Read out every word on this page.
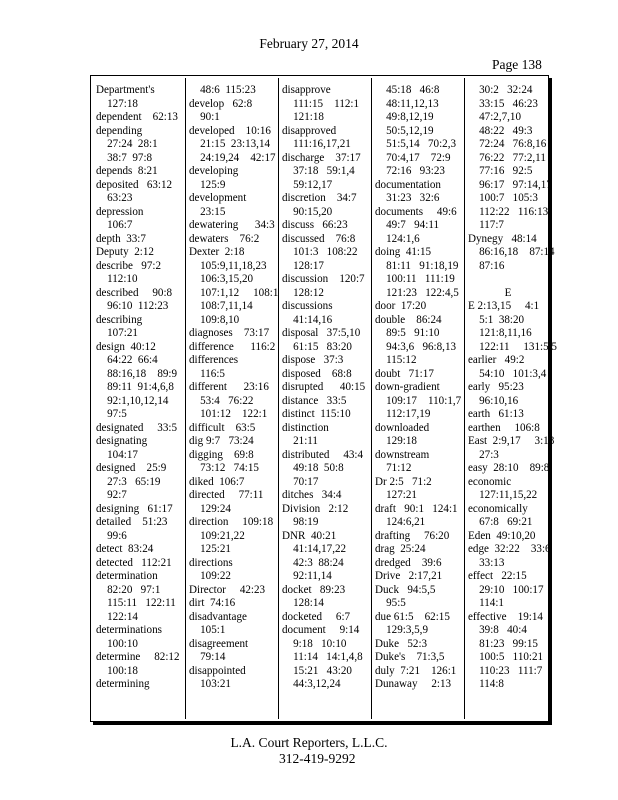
February 27, 2014
Page 138
Department's
127:18
dependent    62:13
depending
27:24  28:1
38:7  97:8
depends  8:21
deposited   63:12
63:23
depression
106:7
depth  33:7
Deputy  2:12
describe   97:2
112:10
described     90:8
96:10  112:23
describing
107:21
design  40:12
64:22  66:4
88:16,18    89:9
89:11  91:4,6,8
92:1,10,12,14
97:5
designated     33:5
designating
104:17
designed    25:9
27:3   65:19
92:7
designing   61:17
detailed    51:23
99:6
detect  83:24
detected   112:21
determination
82:20   97:1
115:11   122:11
122:14
determinations
100:10
determine     82:12
100:18
determining
48:6  115:23
develop   62:8
90:1
developed    10:16
21:15  23:13,14
24:19,24    42:17
developing
125:9
development
23:15
dewatering      34:3
dewaters    76:2
Dexter  2:18
105:9,11,18,23
106:3,15,20
107:1,12     108:1
108:7,11,14
109:8,10
diagnoses    73:17
difference      116:2
differences
116:5
different      23:16
53:4   76:22
101:12    122:1
difficult    63:5
dig 9:7   73:24
digging    69:8
73:12   74:15
diked  106:7
directed     77:11
129:24
direction     109:18
109:21,22
125:21
directions
109:22
Director     42:23
dirt  74:16
disadvantage
105:1
disagreement
79:14
disappointed
103:21
disapprove
111:15    112:1
121:18
disapproved
111:16,17,21
discharge    37:17
37:18   59:1,4
59:12,17
discretion    34:7
90:15,20
discuss   66:23
discussed    76:8
101:3   108:22
128:17
discussion    120:7
128:12
discussions
41:14,16
disposal   37:5,10
61:15   83:20
dispose   37:3
disposed    68:8
disrupted      40:15
distance   33:5
distinct  115:10
distinction
21:11
distributed     43:4
49:18  50:8
70:17
ditches   34:4
Division   2:12
98:19
DNR  40:21
41:14,17,22
42:3  88:24
92:11,14
docket   89:23
128:14
docketed     6:7
document     9:14
9:18   10:10
11:14   14:1,4,8
15:21   43:20
44:3,12,24
45:18   46:8
48:11,12,13
49:8,12,19
50:5,12,19
51:5,14   70:2,3
70:4,17    72:9
72:16   93:23
documentation
31:23   32:6
documents     49:6
49:7   94:11
124:1,6
doing  41:15
81:11   91:18,19
100:11   111:19
121:23   122:4,5
door  17:20
double    86:24
89:5   91:10
94:3,6   96:8,13
115:12
doubt   71:17
down-gradient
109:17    110:1,7
112:17,19
downloaded
129:18
downstream
71:12
Dr 2:5   71:2
127:21
draft   90:1   124:1
124:6,21
drafting     76:20
drag  25:24
dredged    39:6
Drive   2:17,21
Duck   94:5,5
95:5
due 61:5    62:15
129:3,5,9
Duke   52:3
Duke's    71:3,5
duly  7:21    126:1
Dunaway     2:13
30:2   32:24
33:15   46:23
47:2,7,10
48:22   49:3
72:24   76:8,16
76:22   77:2,11
77:16   92:5
96:17   97:14,17
100:7   105:3
112:22   116:13
117:7
Dynegy   48:14
86:16,18    87:14
87:16
E
E 2:13,15     4:1
5:1  38:20
121:8,11,16
122:11     131:5,5
earlier   49:2
54:10   101:3,4
early   95:23
96:10,16
earth   61:13
earthen     106:8
East  2:9,17     3:18
27:3
easy  28:10    89:8
economic
127:11,15,22
economically
67:8   69:21
Eden  49:10,20
edge  32:22    33:6
33:13
effect   22:15
29:10   100:17
114:1
effective    19:14
39:8   40:4
81:23   99:15
100:5   110:21
110:23   111:7
114:8
L.A. Court Reporters, L.L.C.
312-419-9292
